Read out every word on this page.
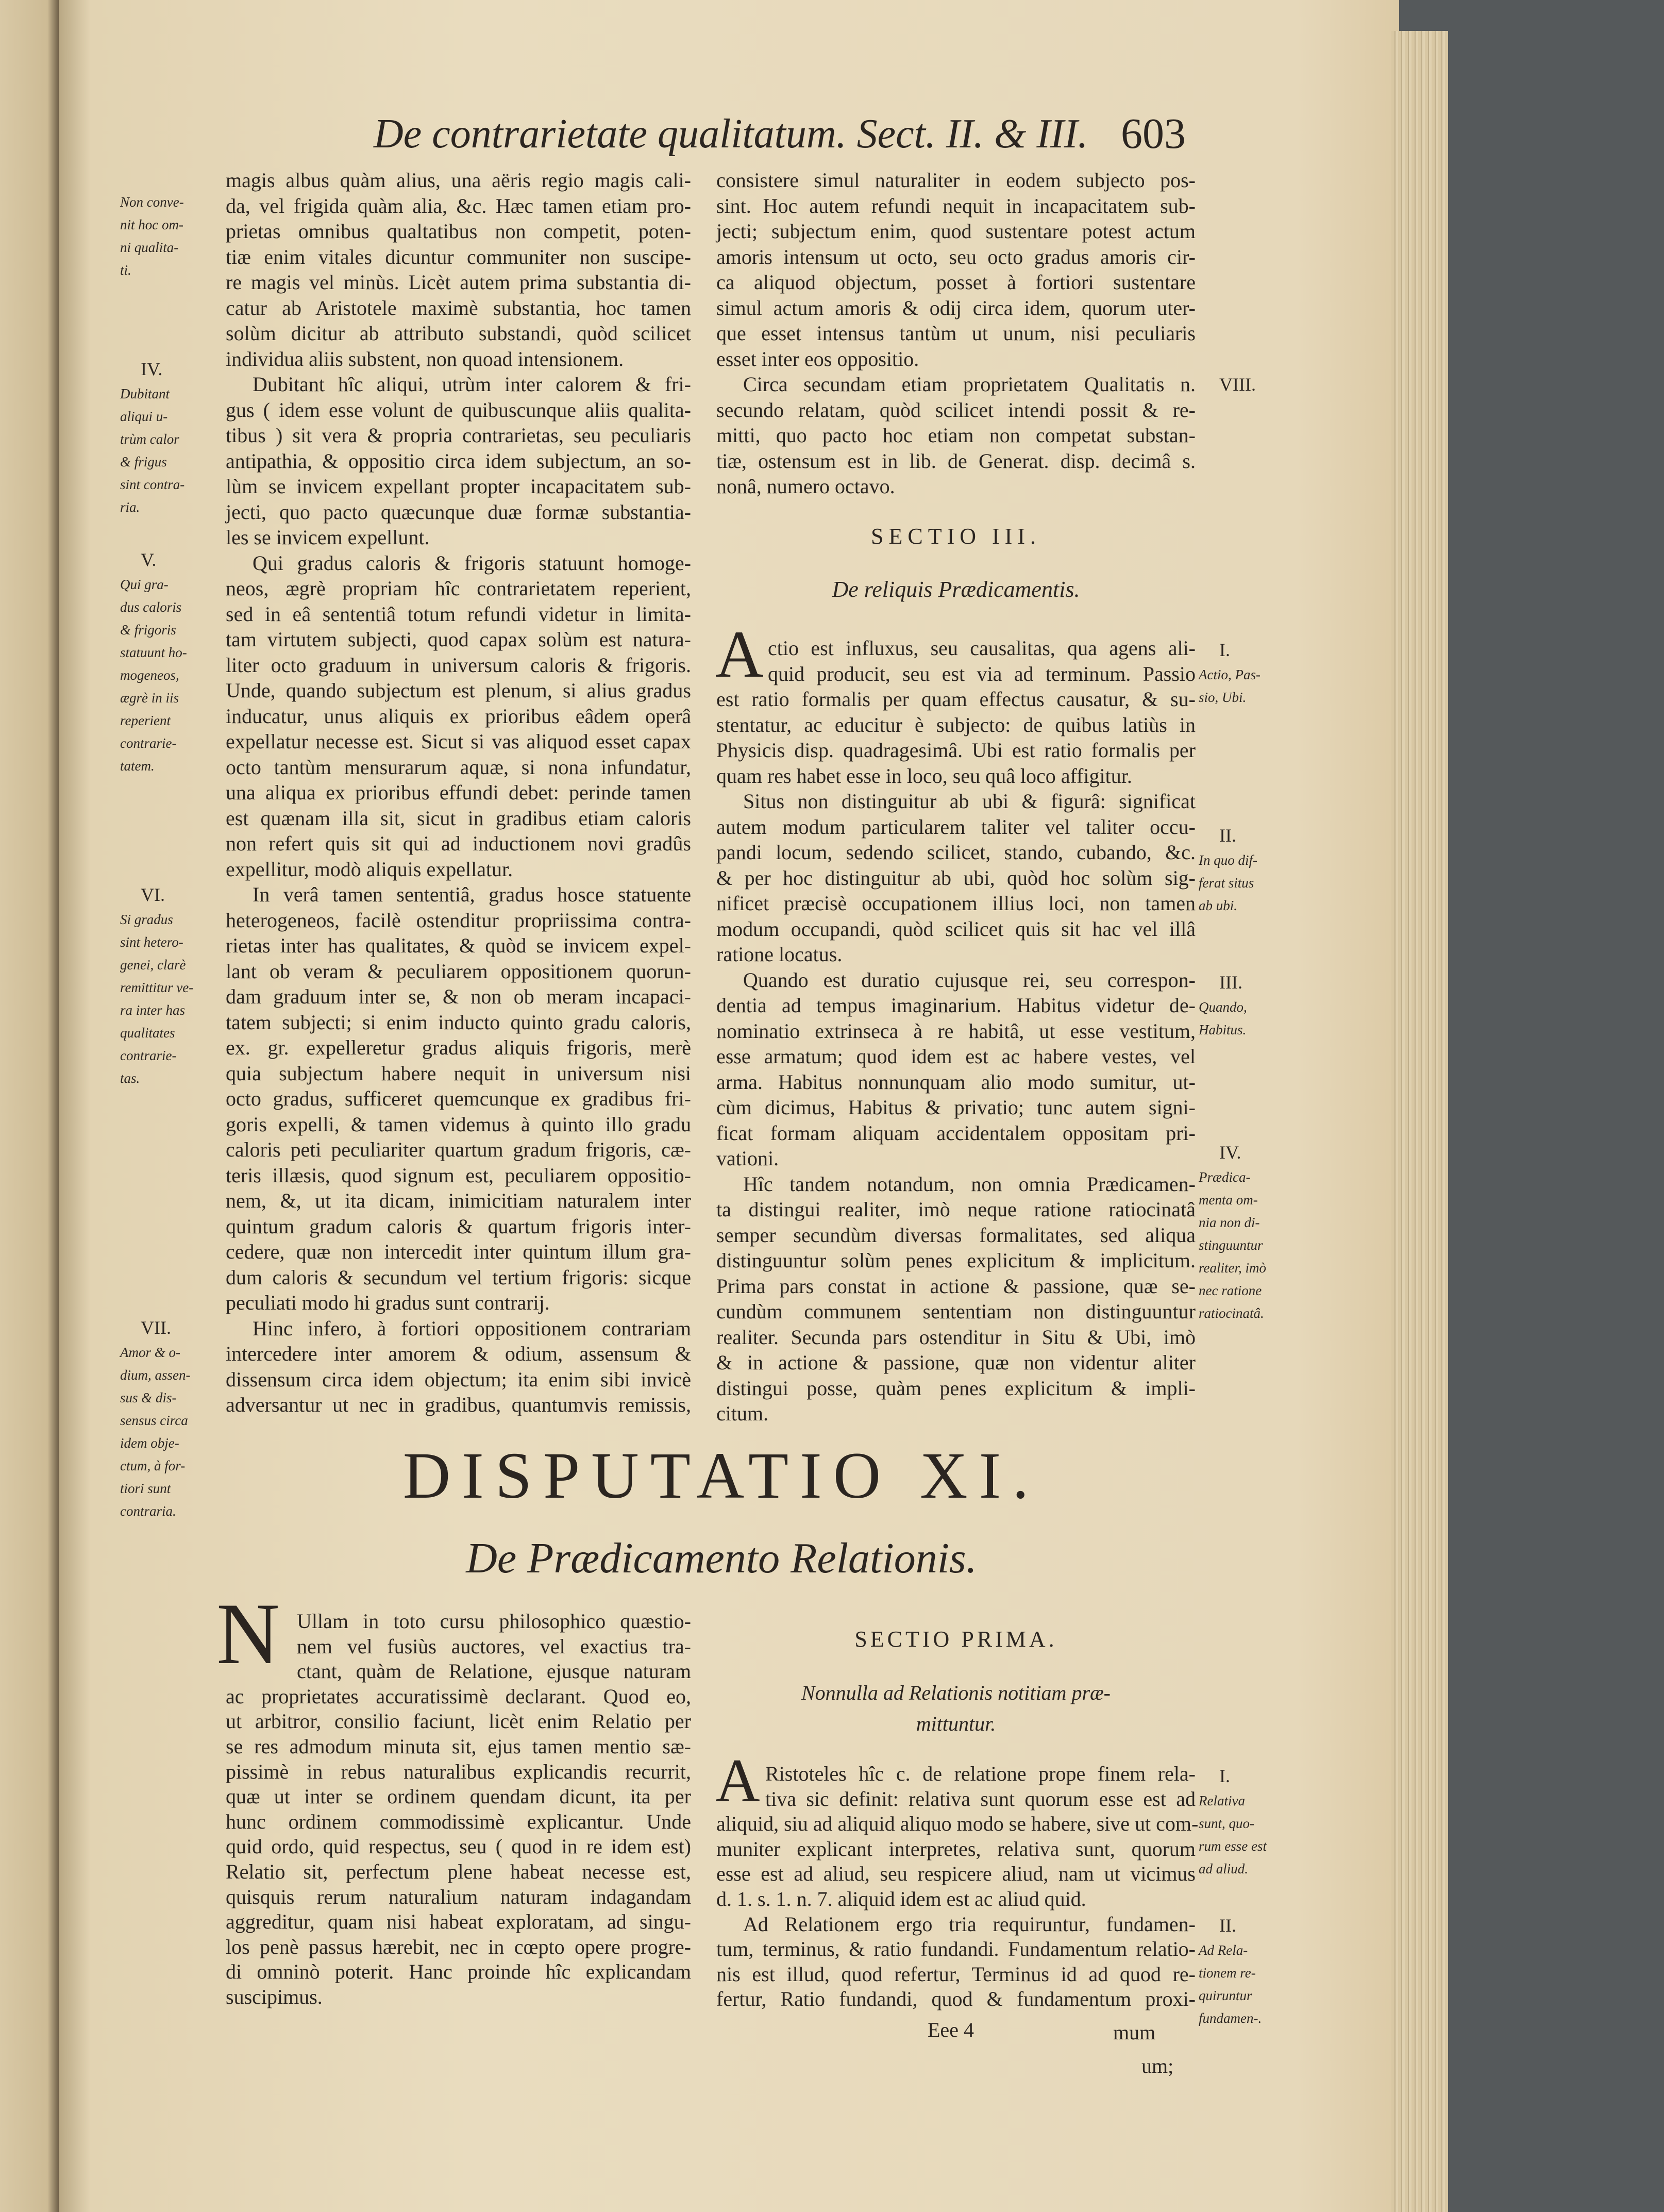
De contrarietate qualitatum. Sect. II. & III. 603
magis albus quàm alius, una aëris regio magis cali-
da, vel frigida quàm alia, &c. Hæc tamen etiam pro-
prietas omnibus qualtatibus non competit, poten-
tiæ enim vitales dicuntur communiter non suscipe-
re magis vel minùs. Licèt autem prima substantia di-
catur ab Aristotele maximè substantia, hoc tamen
solùm dicitur ab attributo substandi, quòd scilicet
individua aliis substent, non quoad intensionem.
Dubitant hîc aliqui, utrùm inter calorem & fri-
gus ( idem esse volunt de quibuscunque aliis qualita-
tibus ) sit vera & propria contrarietas, seu peculiaris
antipathia, & oppositio circa idem subjectum, an so-
lùm se invicem expellant propter incapacitatem sub-
jecti, quo pacto quæcunque duæ formæ substantia-
les se invicem expellunt.
Qui gradus caloris & frigoris statuunt homoge-
neos, ægrè propriam hîc contrarietatem reperient,
sed in eâ sententiâ totum refundi videtur in limita-
tam virtutem subjecti, quod capax solùm est natura-
liter octo graduum in universum caloris & frigoris.
Unde, quando subjectum est plenum, si alius gradus
inducatur, unus aliquis ex prioribus eâdem operâ
expellatur necesse est. Sicut si vas aliquod esset capax
octo tantùm mensurarum aquæ, si nona infundatur,
una aliqua ex prioribus effundi debet: perinde tamen
est quænam illa sit, sicut in gradibus etiam caloris
non refert quis sit qui ad inductionem novi gradûs
expellitur, modò aliquis expellatur.
In verâ tamen sententiâ, gradus hosce statuente
heterogeneos, facilè ostenditur propriissima contra-
rietas inter has qualitates, & quòd se invicem expel-
lant ob veram & peculiarem oppositionem quorun-
dam graduum inter se, & non ob meram incapaci-
tatem subjecti; si enim inducto quinto gradu caloris,
ex. gr. expelleretur gradus aliquis frigoris, merè
quia subjectum habere nequit in universum nisi
octo gradus, sufficeret quemcunque ex gradibus fri-
goris expelli, & tamen videmus à quinto illo gradu
caloris peti peculiariter quartum gradum frigoris, cæ-
teris illæsis, quod signum est, peculiarem oppositio-
nem, &, ut ita dicam, inimicitiam naturalem inter
quintum gradum caloris & quartum frigoris inter-
cedere, quæ non intercedit inter quintum illum gra-
dum caloris & secundum vel tertium frigoris: sicque
peculiati modo hi gradus sunt contrarij.
Hinc infero, à fortiori oppositionem contrariam
intercedere inter amorem & odium, assensum &
dissensum circa idem objectum; ita enim sibi invicè
adversantur ut nec in gradibus, quantumvis remissis,
consistere simul naturaliter in eodem subjecto pos-
sint. Hoc autem refundi nequit in incapacitatem sub-
jecti; subjectum enim, quod sustentare potest actum
amoris intensum ut octo, seu octo gradus amoris cir-
ca aliquod objectum, posset à fortiori sustentare
simul actum amoris & odij circa idem, quorum uter-
que esset intensus tantùm ut unum, nisi peculiaris
esset inter eos oppositio.
Circa secundam etiam proprietatem Qualitatis n.
secundo relatam, quòd scilicet intendi possit & re-
mitti, quo pacto hoc etiam non competat substan-
tiæ, ostensum est in lib. de Generat. disp. decimâ s.
nonâ, numero octavo.
SECTIO III.
De reliquis Prædicamentis.
A ctio est influxus, seu causalitas, qua agens ali-
quid producit, seu est via ad terminum. Passio
est ratio formalis per quam effectus causatur, & su-
stentatur, ac educitur è subjecto: de quibus latiùs in
Physicis disp. quadragesimâ. Ubi est ratio formalis per
quam res habet esse in loco, seu quâ loco affigitur.
Situs non distinguitur ab ubi & figurâ: significat
autem modum particularem taliter vel taliter occu-
pandi locum, sedendo scilicet, stando, cubando, &c.
& per hoc distinguitur ab ubi, quòd hoc solùm sig-
nificet præcisè occupationem illius loci, non tamen
modum occupandi, quòd scilicet quis sit hac vel illâ
ratione locatus.
Quando est duratio cujusque rei, seu correspon-
dentia ad tempus imaginarium. Habitus videtur de-
nominatio extrinseca à re habitâ, ut esse vestitum,
esse armatum; quod idem est ac habere vestes, vel
arma. Habitus nonnunquam alio modo sumitur, ut-
cùm dicimus, Habitus & privatio; tunc autem signi-
ficat formam aliquam accidentalem oppositam pri-
vationi.
Hîc tandem notandum, non omnia Prædicamen-
ta distingui realiter, imò neque ratione ratiocinatâ
semper secundùm diversas formalitates, sed aliqua
distinguuntur solùm penes explicitum & implicitum.
Prima pars constat in actione & passione, quæ se-
cundùm communem sententiam non distinguuntur
realiter. Secunda pars ostenditur in Situ & Ubi, imò
& in actione & passione, quæ non videntur aliter
distingui posse, quàm penes explicitum & impli-
citum.
DISPUTATIO XI.
De Prædicamento Relationis.
N Ullam in toto cursu philosophico quæstio-
nem vel fusiùs auctores, vel exactius tra-
ctant, quàm de Relatione, ejusque naturam
ac proprietates accuratissimè declarant. Quod eo,
ut arbitror, consilio faciunt, licèt enim Relatio per
se res admodum minuta sit, ejus tamen mentio sæ-
pissimè in rebus naturalibus explicandis recurrit,
quæ ut inter se ordinem quendam dicunt, ita per
hunc ordinem commodissimè explicantur. Unde
quid ordo, quid respectus, seu ( quod in re idem est)
Relatio sit, perfectum plene habeat necesse est,
quisquis rerum naturalium naturam indagandam
aggreditur, quam nisi habeat exploratam, ad singu-
los penè passus hærebit, nec in cœpto opere progre-
di omninò poterit. Hanc proinde hîc explicandam
suscipimus.
SECTIO PRIMA.
Nonnulla ad Relationis notitiam præ-
mittuntur.
A Ristoteles hîc c. de relatione prope finem rela-
tiva sic definit: relativa sunt quorum esse est ad
aliquid, siu ad aliquid aliquo modo se habere, sive ut com-
muniter explicant interpretes, relativa sunt, quorum
esse est ad aliud, seu respicere aliud, nam ut vicimus
d. 1. s. 1. n. 7. aliquid idem est ac aliud quid.
Ad Relationem ergo tria requiruntur, fundamen-
tum, terminus, & ratio fundandi. Fundamentum relatio-
nis est illud, quod refertur, Terminus id ad quod re-
fertur, Ratio fundandi, quod & fundamentum proxi-
Eee 4	mum
um;
Non conve-
nit hoc om-
ni qualita-
ti.
IV.
Dubitant
aliqui u-
trùm calor
& frigus
sint contra-
ria.
V.
Qui gra-
dus caloris
& frigoris
statuunt ho-
mogeneos,
ægrè in iis
reperient
contrarie-
tatem.
VI.
Si gradus
sint hetero-
genei, clarè
remittitur ve-
ra inter has
qualitates
contrarie-
tas.
VII.
Amor & o-
dium, assen-
sus & dis-
sensus circa
idem obje-
ctum, à for-
tiori sunt
contraria.
VIII.
I.
Actio, Pas-
sio, Ubi.
II.
In quo dif-
ferat situs
ab ubi.
III.
Quando,
Habitus.
IV.
Prædica-
menta om-
nia non di-
stinguuntur
realiter, imò
nec ratione
ratiocinatâ.
I.
Relativa
sunt, quo-
rum esse est
ad aliud.
II.
Ad Rela-
tionem re-
quiruntur
fundamen-.
